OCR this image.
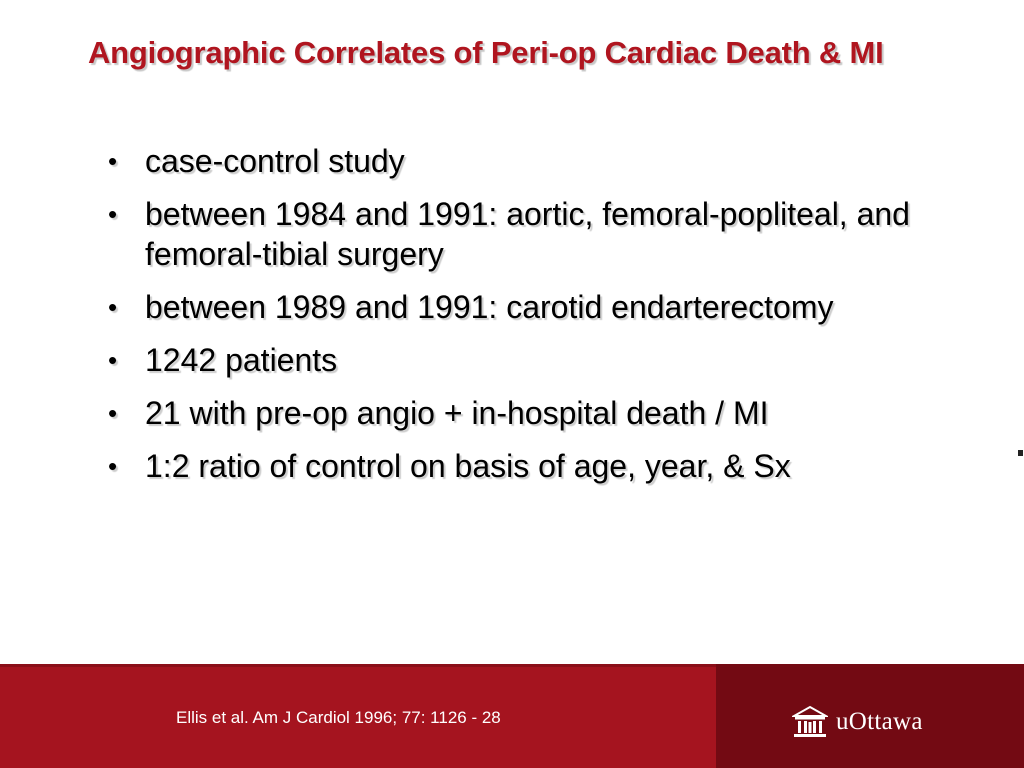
Angiographic Correlates of Peri-op Cardiac Death & MI
• case-control study
• between 1984 and 1991: aortic, femoral-popliteal, and femoral-tibial surgery
• between 1989 and 1991: carotid endarterectomy
• 1242 patients
• 21 with pre-op angio + in-hospital death / MI
• 1:2 ratio of control on basis of age, year, & Sx
Ellis et al. Am J Cardiol 1996; 77: 1126 - 28	uOttawa
